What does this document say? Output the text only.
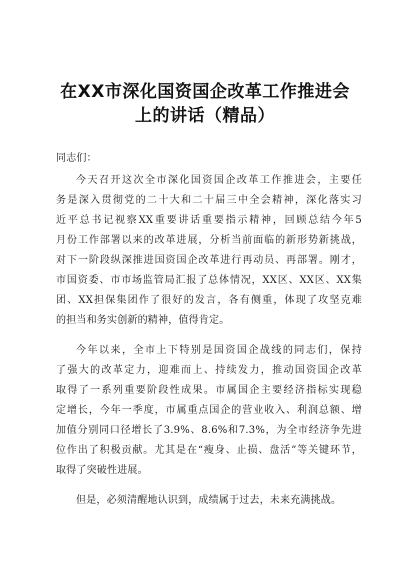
在XX市深化国资国企改革工作推进会
上的讲话（精品）
同志们：
今天召开这次全市深化国资国企改革工作推进会，主要任
务是深入贯彻党的二十大和二十届三中全会精神，深化落实习
近平总书记视察XX重要讲话重要指示精神，回顾总结今年5
月份工作部署以来的改革进展，分析当前面临的新形势新挑战，
对下一阶段纵深推进国资国企改革进行再动员、再部署。刚才，
市国资委、市市场监管局汇报了总体情况，XX区、XX区、XX集
团、XX担保集团作了很好的发言，各有侧重，体现了攻坚克难
的担当和务实创新的精神，值得肯定。
今年以来，全市上下特别是国资国企战线的同志们，保持
了强大的改革定力，迎难而上、持续发力，推动国资国企改革
取得了一系列重要阶段性成果。市属国企主要经济指标实现稳
定增长，今年一季度，市属重点国企的营业收入、利润总额、增
加值分别同口径增长了3.9%、8.6%和7.3%，为全市经济争先进
位作出了积极贡献。尤其是在“瘦身、止损、盘活”等关键环节，
取得了突破性进展。
但是，必须清醒地认识到，成绩属于过去，未来充满挑战。
